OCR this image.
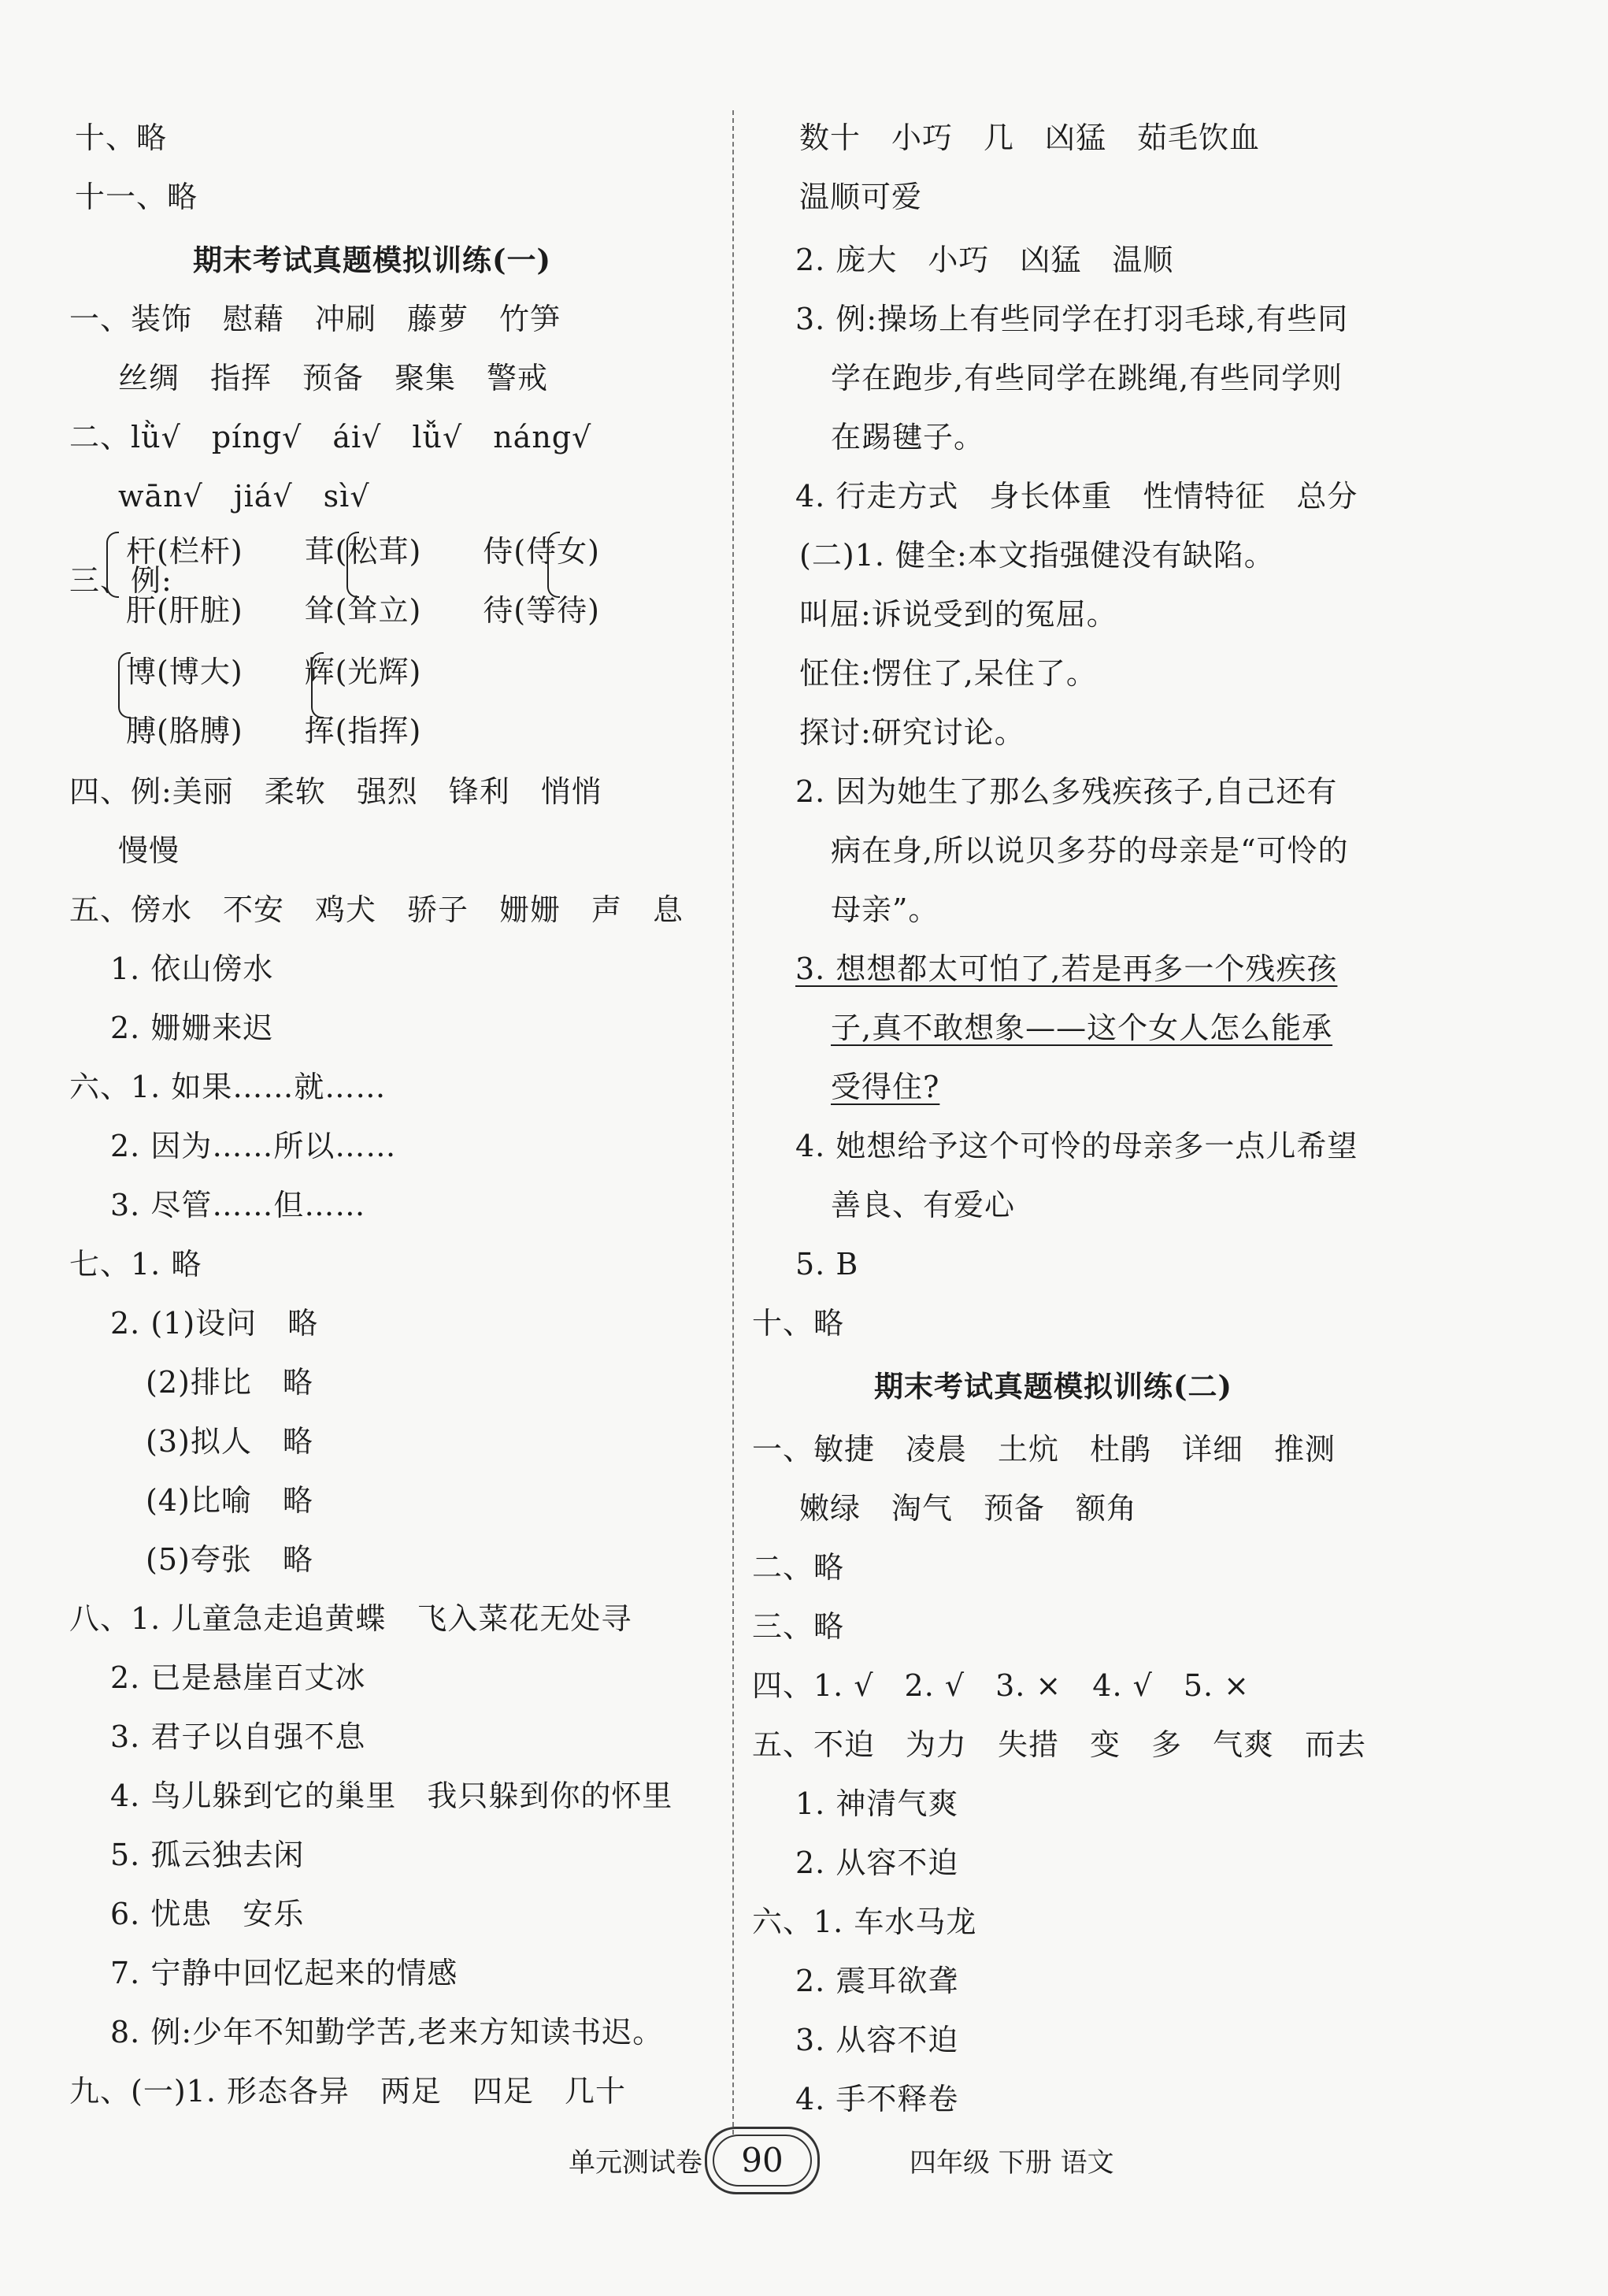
十、略
十一、略
期末考试真题模拟训练(一)
一、装饰　慰藉　冲刷　藤萝　竹笋
丝绸　指挥　预备　聚集　警戒
二、lǜ√　píng√　ái√　lǚ√　náng√
wān√　jiá√　sì√
杆(栏杆)　　茸(松茸)　　侍(侍女)
三、例:
肝(肝脏)　　耸(耸立)　　待(等待)
博(博大)　　辉(光辉)
膊(胳膊)　　挥(指挥)
四、例:美丽　柔软　强烈　锋利　悄悄
慢慢
五、傍水　不安　鸡犬　骄子　姗姗　声　息
1. 依山傍水
2. 姗姗来迟
六、1. 如果……就……
2. 因为……所以……
3. 尽管……但……
七、1. 略
2. (1)设问　略
(2)排比　略
(3)拟人　略
(4)比喻　略
(5)夸张　略
八、1. 儿童急走追黄蝶　飞入菜花无处寻
2. 已是悬崖百丈冰
3. 君子以自强不息
4. 鸟儿躲到它的巢里　我只躲到你的怀里
5. 孤云独去闲
6. 忧患　安乐
7. 宁静中回忆起来的情感
8. 例:少年不知勤学苦,老来方知读书迟。
九、(一)1. 形态各异　两足　四足　几十
数十　小巧　几　凶猛　茹毛饮血
温顺可爱
2. 庞大　小巧　凶猛　温顺
3. 例:操场上有些同学在打羽毛球,有些同
学在跑步,有些同学在跳绳,有些同学则
在踢毽子。
4. 行走方式　身长体重　性情特征　总分
(二)1. 健全:本文指强健没有缺陷。
叫屈:诉说受到的冤屈。
怔住:愣住了,呆住了。
探讨:研究讨论。
2. 因为她生了那么多残疾孩子,自己还有
病在身,所以说贝多芬的母亲是“可怜的
母亲”。
3. 想想都太可怕了,若是再多一个残疾孩
子,真不敢想象——这个女人怎么能承
受得住?
4. 她想给予这个可怜的母亲多一点儿希望
善良、有爱心
5. B
十、略
期末考试真题模拟训练(二)
一、敏捷　凌晨　土炕　杜鹃　详细　推测
嫩绿　淘气　预备　额角
二、略
三、略
四、1. √　2. √　3. ×　4. √　5. ×
五、不迫　为力　失措　变　多　气爽　而去
1. 神清气爽
2. 从容不迫
六、1. 车水马龙
2. 震耳欲聋
3. 从容不迫
4. 手不释卷
单元测试卷	90	四年级 下册 语文
